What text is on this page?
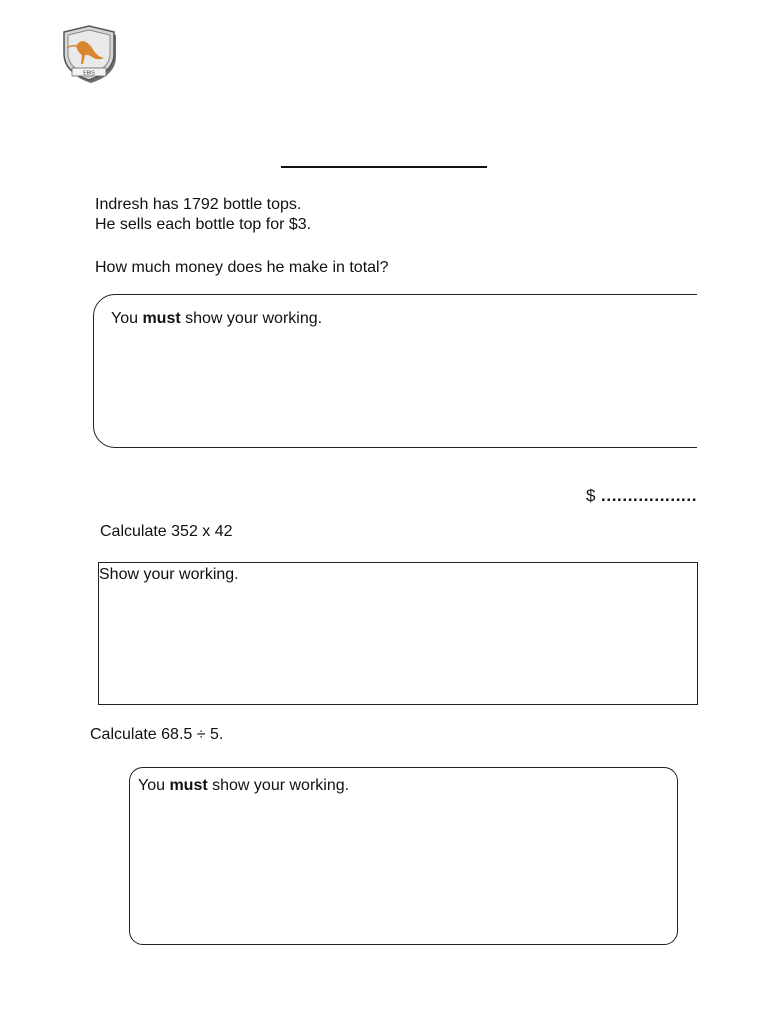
EBIS
Indresh has 1792 bottle tops.
He sells each bottle top for $3.
How much money does he make in total?
You must show your working.
$ ………………
Calculate 352 x 42
Show your working.
Calculate 68.5 ÷ 5.
You must show your working.
